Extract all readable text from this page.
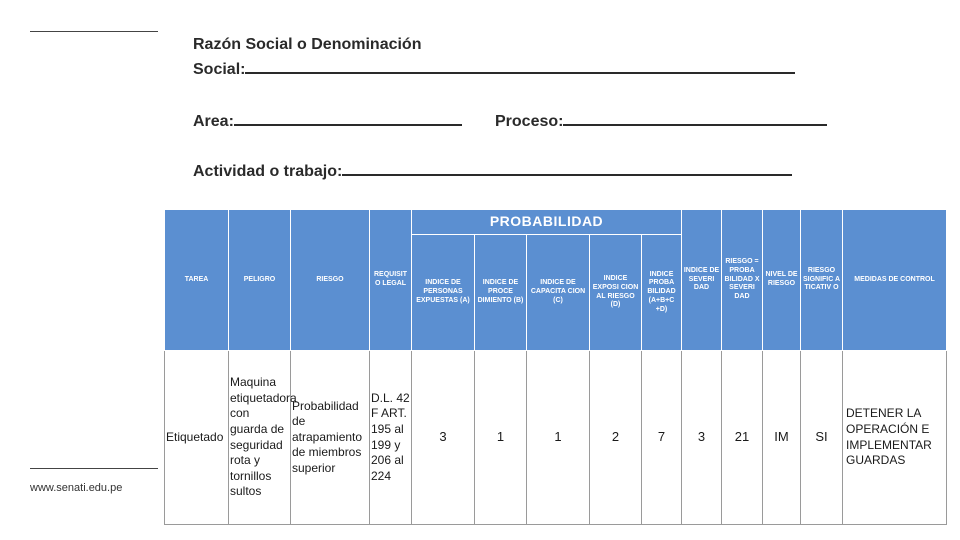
www.senati.edu.pe
Razón Social o Denominación
Social:
Area:	Proceso:
Actividad o trabajo:
TAREA	PELIGRO	RIESGO	REQUISIT O LEGAL	PROBABILIDAD					INDICE DE SEVERI DAD	RIESGO = PROBA BILIDAD X SEVERI DAD	NIVEL DE RIESGO	RIESGO SIGNIFIC A TICATIV O	MEDIDAS DE CONTROL
				INDICE DE PERSONAS EXPUESTAS (A)	INDICE DE PROCE DIMIENTO (B)	INDICE DE CAPACITA CION (C)	INDICE EXPOSI CION AL RIESGO (D)	INDICE PROBA BILIDAD (A+B+C +D)					
Etiquetado	Maquina etiquetadora con guarda de seguridad rota y tornillos sultos	Probabilidad de atrapamiento de miembros superior	D.L. 42 F ART. 195 al 199 y 206 al 224	3	1	1	2	7	3	21	IM	SI	DETENER LA OPERACIÓN E IMPLEMENTAR GUARDAS
